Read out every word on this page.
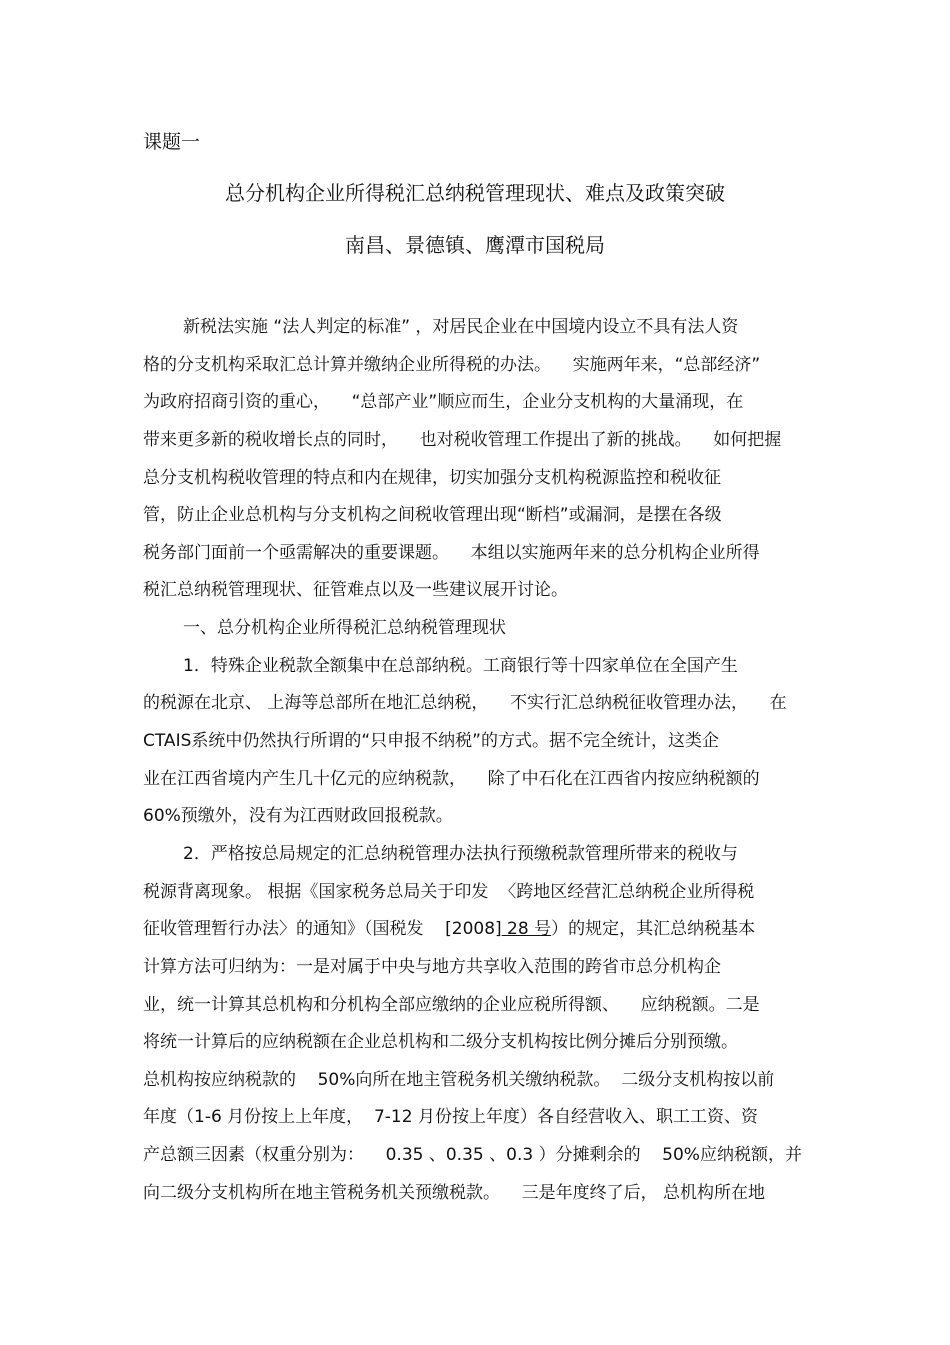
课题一
总分机构企业所得税汇总纳税管理现状、难点及政策突破
南昌、景德镇、鹰潭市国税局
新税法实施 “法人判定的标准” ，对居民企业在中国境内设立不具有法人资
格的分支机构采取汇总计算并缴纳企业所得税的办法。    实施两年来，“总部经济”
为政府招商引资的重心，    “总部产业”顺应而生，企业分支机构的大量涌现，在
带来更多新的税收增长点的同时，    也对税收管理工作提出了新的挑战。    如何把握
总分支机构税收管理的特点和内在规律，切实加强分支机构税源监控和税收征
管，防止企业总机构与分支机构之间税收管理出现“断档”或漏洞，是摆在各级
税务部门面前一个亟需解决的重要课题。    本组以实施两年来的总分机构企业所得
税汇总纳税管理现状、征管难点以及一些建议展开讨论。
一、总分机构企业所得税汇总纳税管理现状
1．特殊企业税款全额集中在总部纳税。工商银行等十四家单位在全国产生
的税源在北京、 上海等总部所在地汇总纳税，    不实行汇总纳税征收管理办法，    在
CTAIS系统中仍然执行所谓的“只申报不纳税”的方式。据不完全统计，这类企
业在江西省境内产生几十亿元的应纳税款，    除了中石化在江西省内按应纳税额的
60%预缴外，没有为江西财政回报税款。
2．严格按总局规定的汇总纳税管理办法执行预缴税款管理所带来的税收与
税源背离现象。 根据《国家税务总局关于印发  〈跨地区经营汇总纳税企业所得税
征收管理暂行办法〉的通知》（国税发    [2008] 28 号）的规定，其汇总纳税基本
计算方法可归纳为：一是对属于中央与地方共享收入范围的跨省市总分机构企
业，统一计算其总机构和分机构全部应缴纳的企业应税所得额、    应纳税额。二是
将统一计算后的应纳税额在企业总机构和二级分支机构按比例分摊后分别预缴。
总机构按应纳税款的    50%向所在地主管税务机关缴纳税款。  二级分支机构按以前
年度（1-6 月份按上上年度，  7-12 月份按上年度）各自经营收入、职工工资、资
产总额三因素（权重分别为：    0.35 、0.35 、0.3 ）分摊剩余的    50%应纳税额，并
向二级分支机构所在地主管税务机关预缴税款。    三是年度终了后， 总机构所在地
